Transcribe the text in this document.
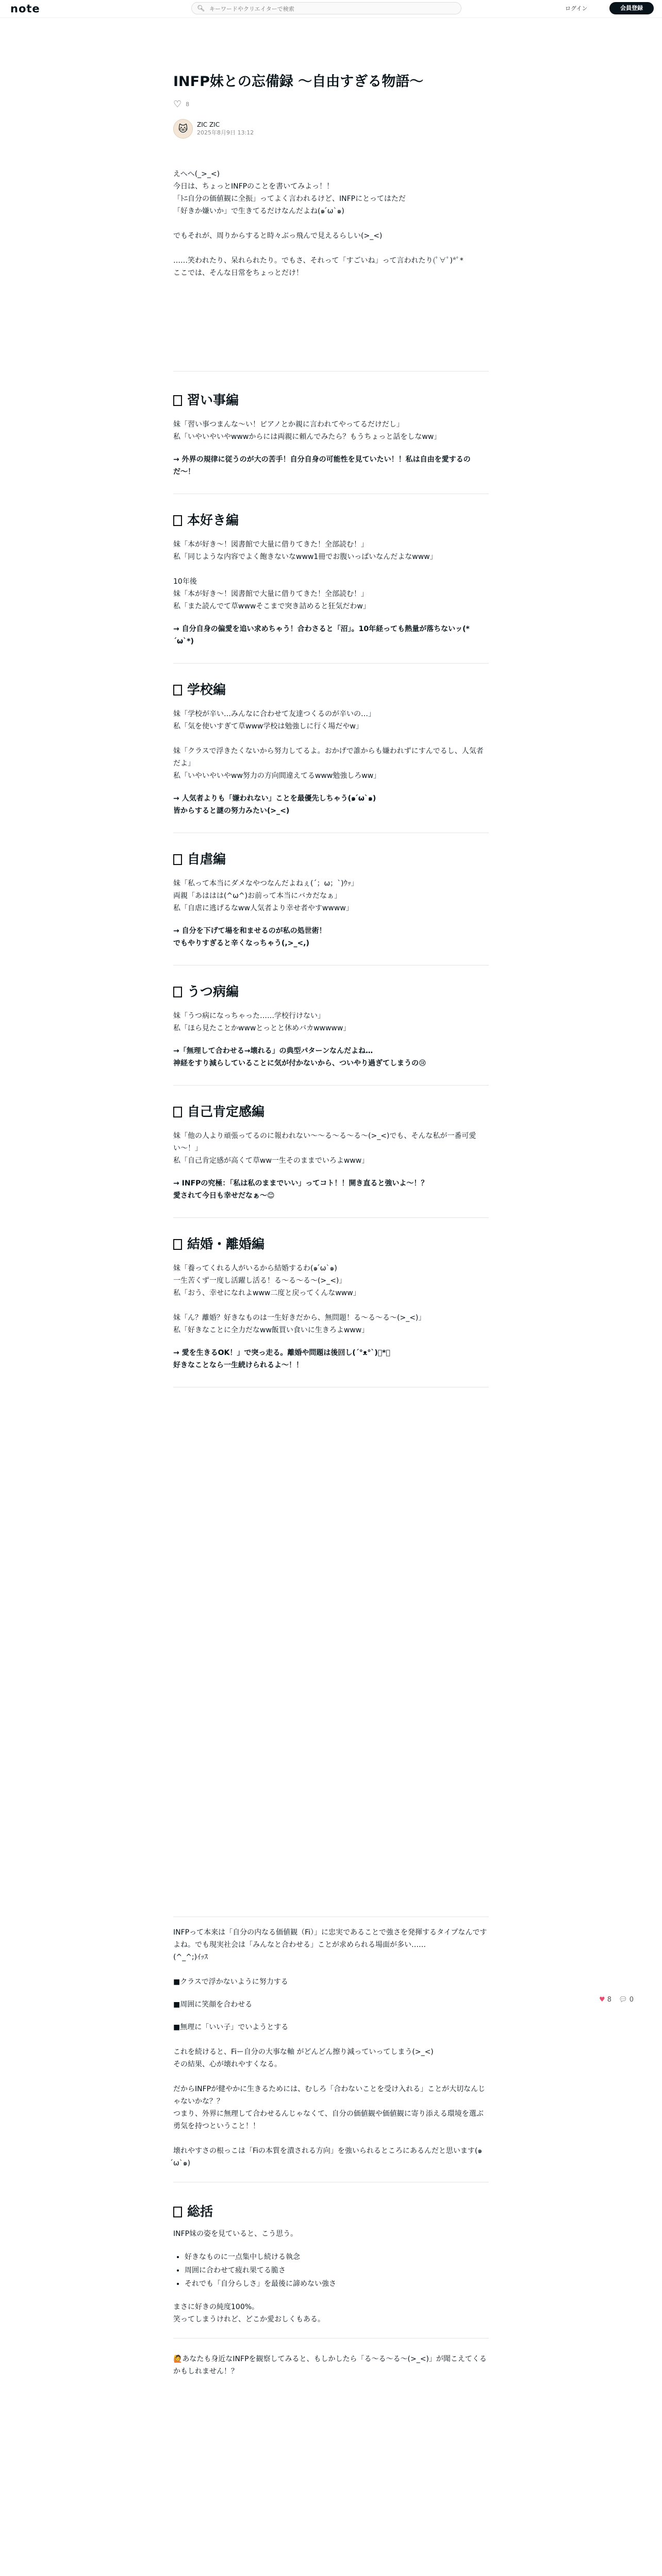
note	🔍︎
キーワードやクリエイターで検索	ログイン	会員登録
INFP妹との忘備録 〜自由すぎる物語〜
♡ 8
🐱	ZIC ZIC
2025年8月9日 13:12

えへへ(_>_<)

今日は、ちょっとINFPのことを書いてみよっ！！

「ﾄﾆ自分の価値観に全振」ってよく言われるけど、INFPにとってはただ

「好きか嫌いか」で生きてるだけなんだよね(๑ ́ω`๑)

でもそれが、周りからすると時々ぶっ飛んで見えるらしい(>_<)

……笑われたり、呆れられたり。でもさ、それって「すごいね」って言われたり(ﾟ∀ﾟ)*ﾟ*

ここでは、そんな日常をちょっとだけ！

習い事編

妹「習い事つまんな〜い！ピアノとか親に言われてやってるだけだし」

私「いやいやいやwwwからには両親に頼んでみたら？もうちょっと話をしなww」

→ 外界の規律に従うのが大の苦手！自分自身の可能性を見ていたい！！私は自由を愛するのだ〜！

本好き編

妹「本が好き〜！図書館で大量に借りてきた！全部読む！」

私「同じような内容でよく飽きないなwww1冊でお腹いっぱいなんだよなwww」

10年後

妹「本が好き〜！図書館で大量に借りてきた！全部読む！」

私「また読んでて草wwwそこまで突き詰めると狂気だわw」

→ 自分自身の偏愛を追い求めちゃう！合わさると「沼」。10年経っても熱量が落ちないッ(*´ω`*)

学校編

妹「学校が辛い…みんなに合わせて友達つくるのが辛いの…」

私「気を使いすぎて草www学校は勉強しに行く場だやw」

妹「クラスで浮きたくないから努力してるよ。おかげで誰からも嫌われずにすんでるし、人気者だよ」

私「いやいやいやww努力の方向間違えてるwww勉強しろww」

→ 人気者よりも「嫌われない」ことを最優先しちゃう(๑ ́ω`๑)

皆からすると謎の努力みたい(>_<)

自虐編

妹「私って本当にダメなやつなんだよねぇ(´；ω；`)ｳｯ」

両親「あははは(^ω^)お前って本当にバカだなぁ」

私「自虐に逃げるなww人気者より幸せ者やすwwww」

→ 自分を下げて場を和ませるのが私の処世術！

でもやりすぎると辛くなっちゃう(,>_<,)

うつ病編

妹「うつ病になっちゃった……学校行けない」

私「ほら見たことかwwwとっとと休めバカwwwww」

→「無理して合わせる→壊れる」の典型パターンなんだよね…

神経をすり減らしていることに気が付かないから、ついやり過ぎてしまうの😢

自己肯定感編

妹「他の人より頑張ってるのに報われない〜〜る〜る〜る〜(>_<)でも、そんな私が一番可愛い〜！」

私「自己肯定感が高くて草ww一生そのままでいろよwww」

→ INFPの究極：「私は私のままでいい」ってコト！！開き直ると強いよ〜！？

愛されて今日も幸せだなぁ〜😊

結婚・離婚編

妹「養ってくれる人がいるから結婚するわ(๑ ́ω`๑)

一生苦くず一度し活躍し活る！る〜る〜る〜(>_<)」

私「おう、幸せになれよwww二度と戻ってくんなwww」

妹「ん？離婚？好きなものは一生好きだから、無問題！る〜る〜る〜(>_<)」

私「好きなことに全力だなww飯買い食いに生きろよwww」

→ 愛を生きるOK！」で突っ走る。離婚や問題は後回し(´°ᴥ°`)ﾟ*ﾟ

好きなことなら一生続けられるよ〜！！

INFPって本来は「自分の内なる価値観（Fi）」に忠実であることで強さを発揮するタイプなんですよね。でも現実社会は「みんなと合わせる」ことが求められる場面が多い……

(^_^;)ｲｯｽ

■クラスで浮かないように努力する

■周囲に笑顔を合わせる

■無理に「いい子」でいようとする

これを続けると、Fiー自分の大事な軸 がどんどん擦り減っていってしまう(>_<)

その結果、心が壊れやすくなる。

だからINFPが健やかに生きるためには、むしろ「合わないことを受け入れる」ことが大切なんじゃないかな？？

つまり、外界に無理して合わせるんじゃなくて、自分の価値観や価値観に寄り添える環境を選ぶ勇気を持つということ！！

壊れやすさの根っこは「Fiの本質を潰される方向」を強いられるところにあるんだと思います(๑ ́ω`๑)

総括

INFP妹の姿を見ていると、こう思う。

• 好きなものに一点集中し続ける執念
• 周囲に合わせて疲れ果てる脆さ
• それでも「自分らしさ」を最後に諦めない強さ

まさに好きの純度100%。

笑ってしまうけれど、どこか愛おしくもある。

🙋あなたも身近なINFPを観察してみると、もしかしたら「る〜る〜る〜(>_<)」が聞こえてくるかもしれません！？

♥ 8 💬︎ 0
